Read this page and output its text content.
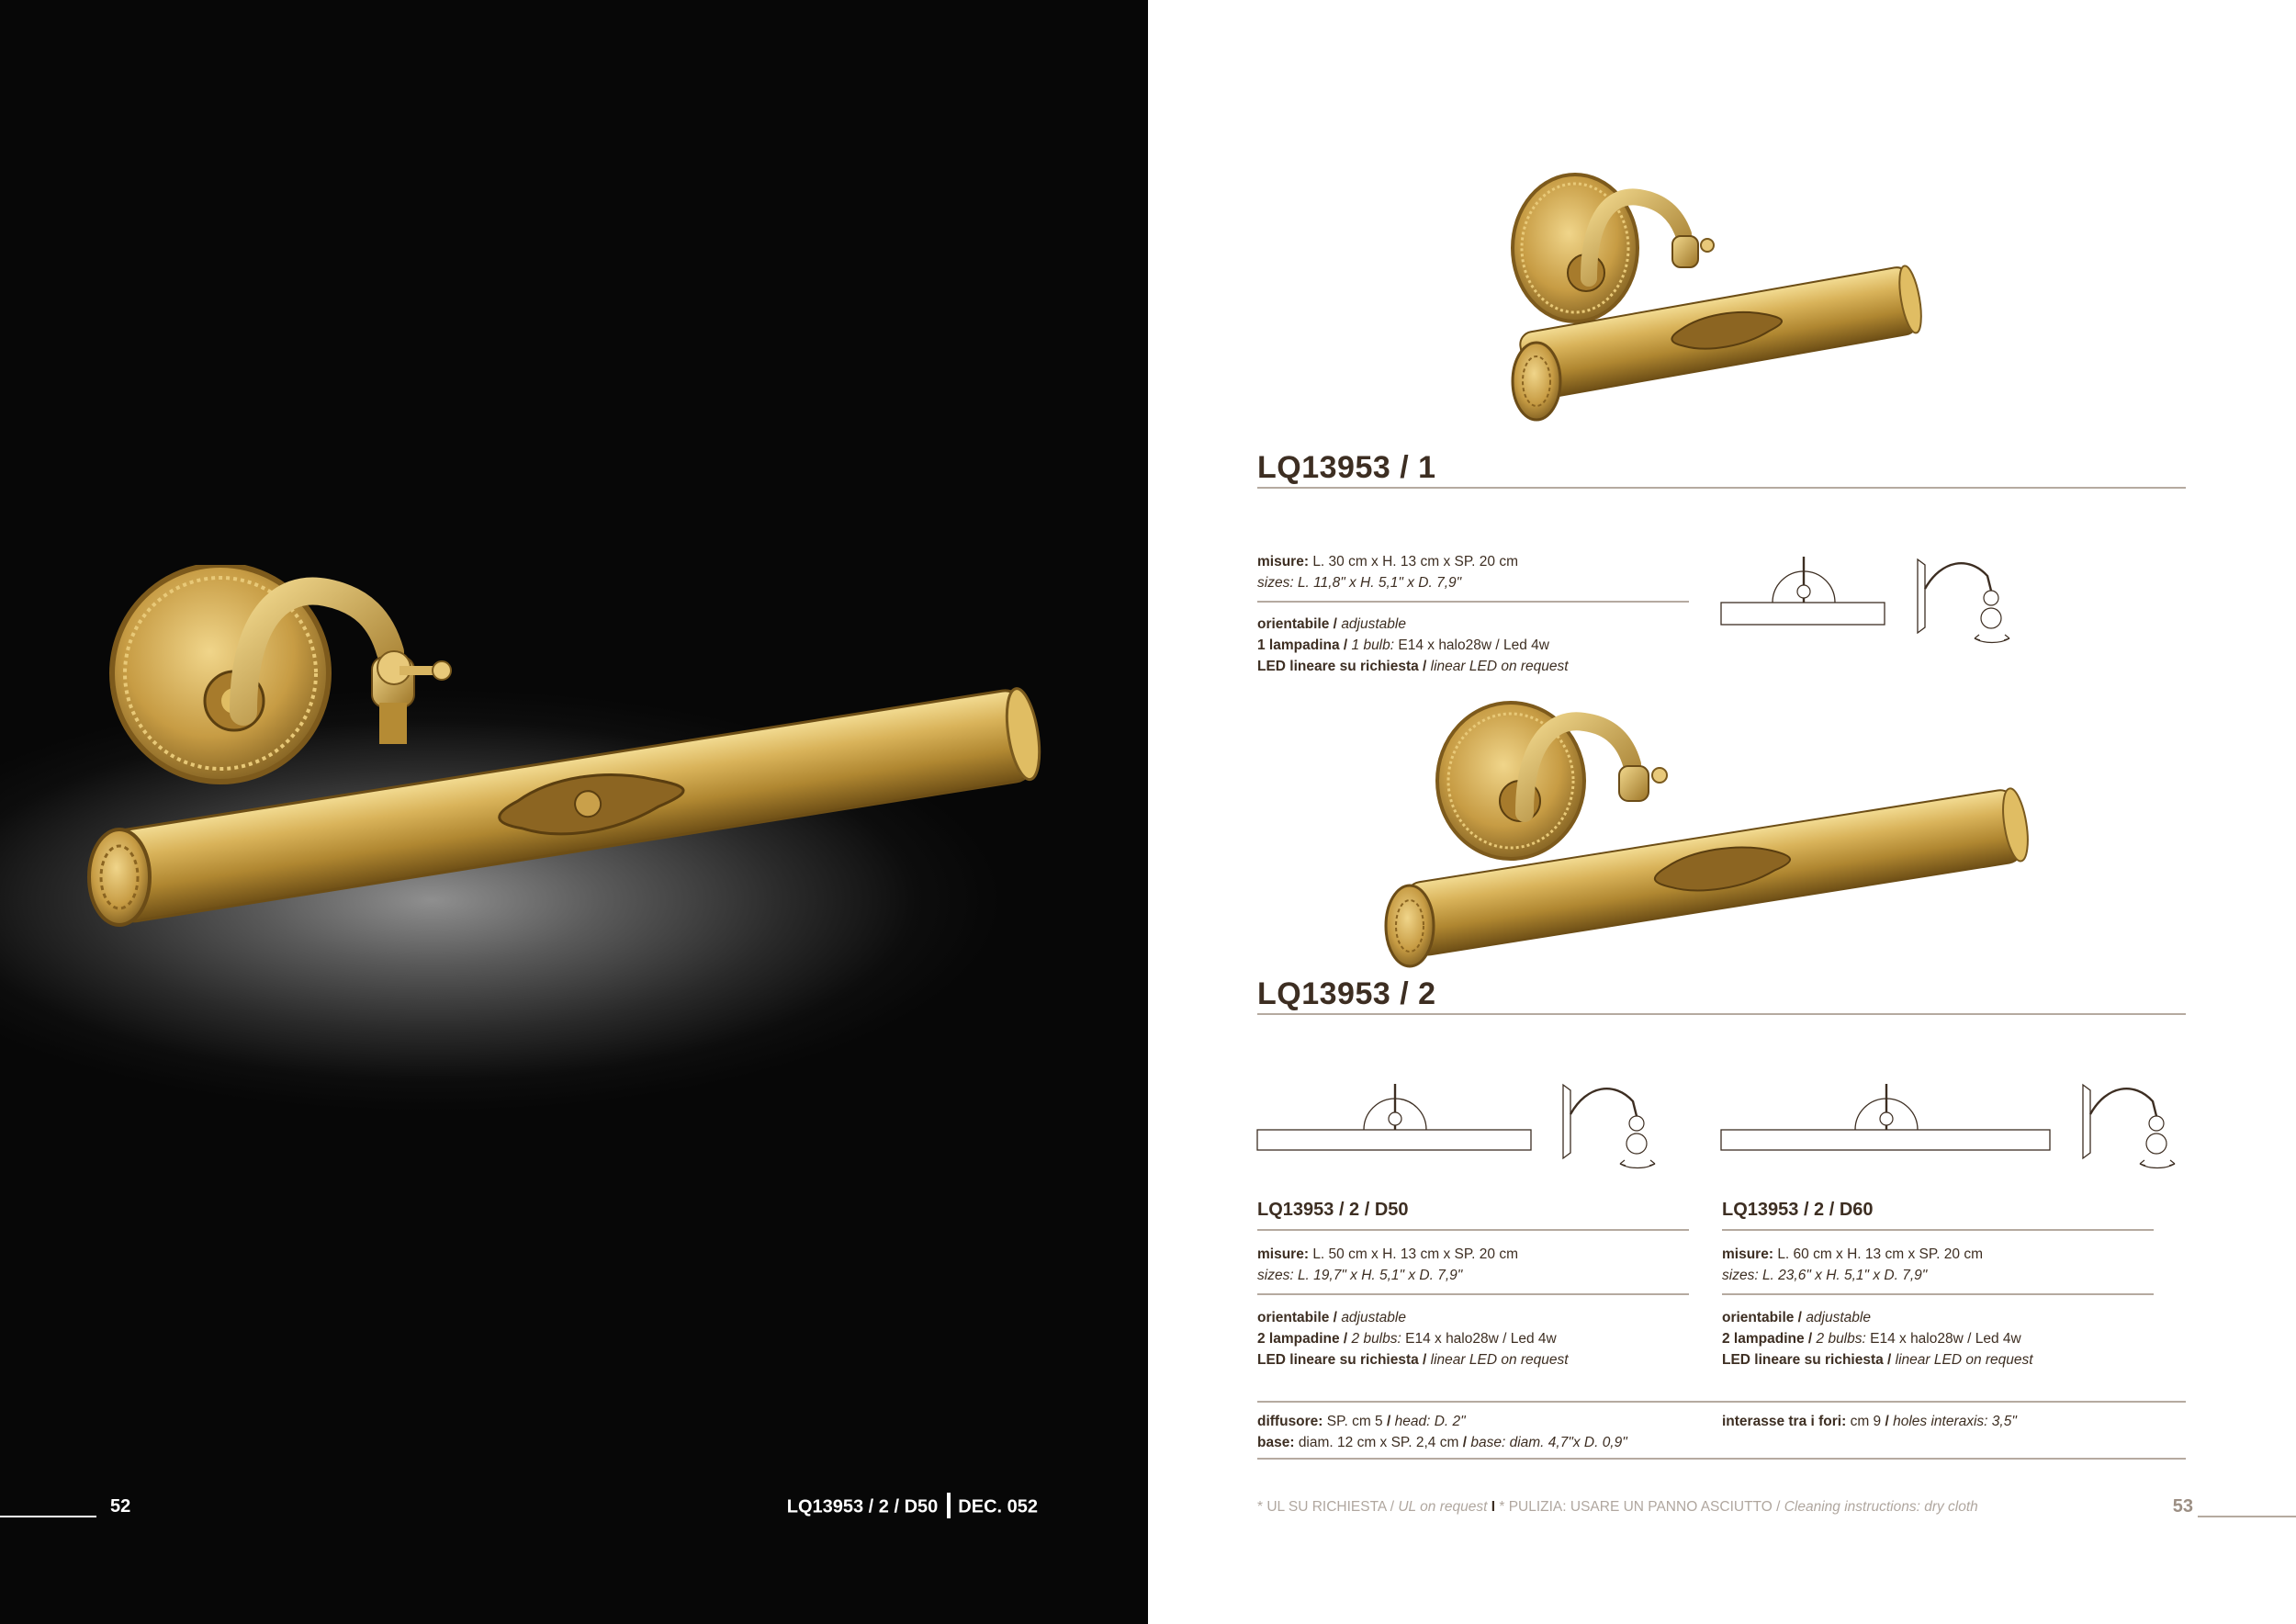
52	LQ13953 / 2 / D50 DEC. 052
LQ13953 / 1
misure: L. 30 cm x H. 13 cm x SP. 20 cm
sizes: L. 11,8" x H. 5,1" x D. 7,9"
orientabile / adjustable
1 lampadina / 1 bulb: E14 x halo28w / Led 4w
LED lineare su richiesta / linear LED on request
LQ13953 / 2
LQ13953 / 2 / D50
misure: L. 50 cm x H. 13 cm x SP. 20 cm
sizes: L. 19,7" x H. 5,1" x D. 7,9"
orientabile / adjustable
2 lampadine / 2 bulbs: E14 x halo28w / Led 4w
LED lineare su richiesta / linear LED on request
LQ13953 / 2 / D60
misure: L. 60 cm x H. 13 cm x SP. 20 cm
sizes: L. 23,6" x H. 5,1" x D. 7,9"
orientabile / adjustable
2 lampadine / 2 bulbs: E14 x halo28w / Led 4w
LED lineare su richiesta / linear LED on request
diffusore: SP. cm 5 / head: D. 2"
base: diam. 12 cm x SP. 2,4 cm / base: diam. 4,7"x D. 0,9"
interasse tra i fori: cm 9 / holes interaxis: 3,5"
* UL SU RICHIESTA / UL on request I * PULIZIA: USARE UN PANNO ASCIUTTO / Cleaning instructions: dry cloth	53
